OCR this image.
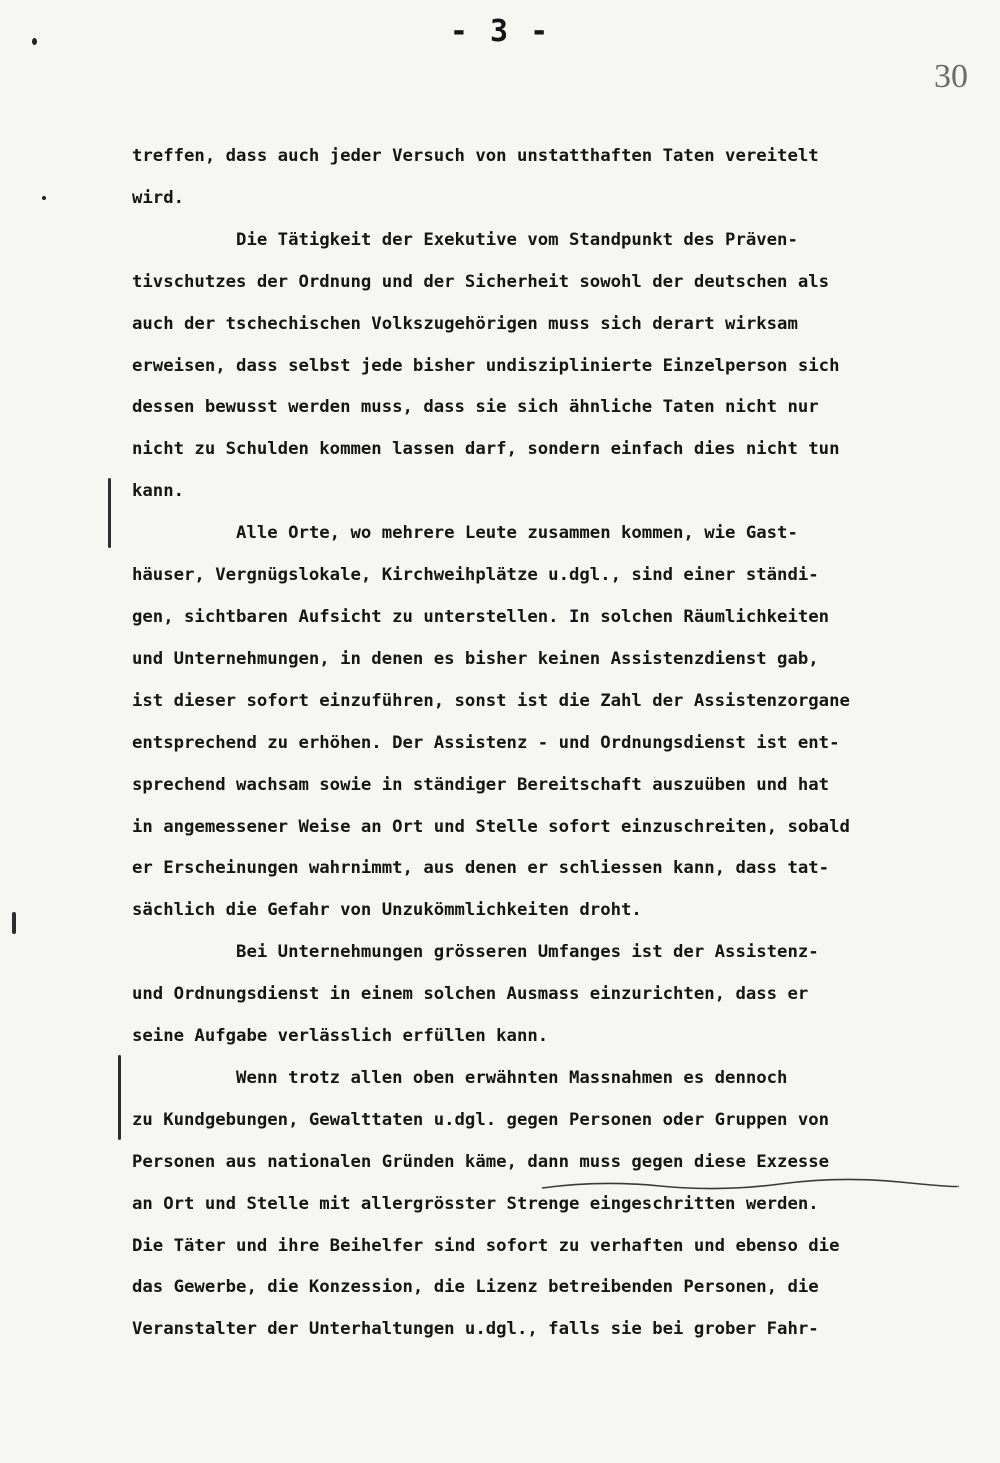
- 3 -
30
treffen, dass auch jeder Versuch von unstatthaften Taten vereitelt
wird.
Die Tätigkeit der Exekutive vom Standpunkt des Präven-
tivschutzes der Ordnung und der Sicherheit sowohl der deutschen als
auch der tschechischen Volkszugehörigen muss sich derart wirksam
erweisen, dass selbst jede bisher undisziplinierte Einzelperson sich
dessen bewusst werden muss, dass sie sich ähnliche Taten nicht nur
nicht zu Schulden kommen lassen darf, sondern einfach dies nicht tun
kann.
Alle Orte, wo mehrere Leute zusammen kommen, wie Gast-
häuser, Vergnügslokale, Kirchweihplätze u.dgl., sind einer ständi-
gen, sichtbaren Aufsicht zu unterstellen. In solchen Räumlichkeiten
und Unternehmungen, in denen es bisher keinen Assistenzdienst gab,
ist dieser sofort einzuführen, sonst ist die Zahl der Assistenzorgane
entsprechend zu erhöhen. Der Assistenz - und Ordnungsdienst ist ent-
sprechend wachsam sowie in ständiger Bereitschaft auszuüben und hat
in angemessener Weise an Ort und Stelle sofort einzuschreiten, sobald
er Erscheinungen wahrnimmt, aus denen er schliessen kann, dass tat-
sächlich die Gefahr von Unzukömmlichkeiten droht.
Bei Unternehmungen grösseren Umfanges ist der Assistenz-
und Ordnungsdienst in einem solchen Ausmass einzurichten, dass er
seine Aufgabe verlässlich erfüllen kann.
Wenn trotz allen oben erwähnten Massnahmen es dennoch
zu Kundgebungen, Gewalttaten u.dgl. gegen Personen oder Gruppen von
Personen aus nationalen Gründen käme, dann muss gegen diese Exzesse
an Ort und Stelle mit allergrösster Strenge eingeschritten werden.
Die Täter und ihre Beihelfer sind sofort zu verhaften und ebenso die
das Gewerbe, die Konzession, die Lizenz betreibenden Personen, die
Veranstalter der Unterhaltungen u.dgl., falls sie bei grober Fahr-
